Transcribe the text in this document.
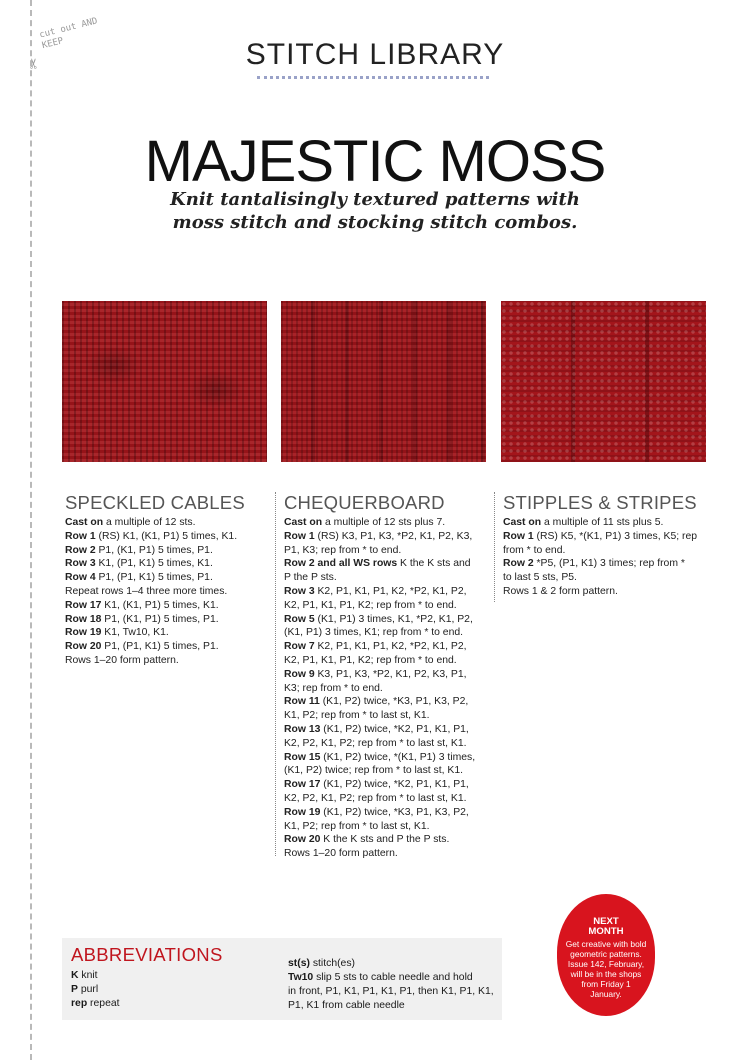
cut out AND KEEP
✂	STITCH LIBRARY
MAJESTIC MOSS
Knit tantalisingly textured patterns with
moss stitch and stocking stitch combos.
SPECKLED CABLES
Cast on a multiple of 12 sts.
Row 1 (RS) K1, (K1, P1) 5 times, K1.
Row 2 P1, (K1, P1) 5 times, P1.
Row 3 K1, (P1, K1) 5 times, K1.
Row 4 P1, (P1, K1) 5 times, P1.
Repeat rows 1–4 three more times.
Row 17 K1, (K1, P1) 5 times, K1.
Row 18 P1, (K1, P1) 5 times, P1.
Row 19 K1, Tw10, K1.
Row 20 P1, (P1, K1) 5 times, P1.
Rows 1–20 form pattern.
CHEQUERBOARD
Cast on a multiple of 12 sts plus 7.
Row 1 (RS) K3, P1, K3, *P2, K1, P2, K3,
P1, K3; rep from * to end.
Row 2 and all WS rows K the K sts and
P the P sts.
Row 3 K2, P1, K1, P1, K2, *P2, K1, P2,
K2, P1, K1, P1, K2; rep from * to end.
Row 5 (K1, P1) 3 times, K1, *P2, K1, P2,
(K1, P1) 3 times, K1; rep from * to end.
Row 7 K2, P1, K1, P1, K2, *P2, K1, P2,
K2, P1, K1, P1, K2; rep from * to end.
Row 9 K3, P1, K3, *P2, K1, P2, K3, P1,
K3; rep from * to end.
Row 11 (K1, P2) twice, *K3, P1, K3, P2,
K1, P2; rep from * to last st, K1.
Row 13 (K1, P2) twice, *K2, P1, K1, P1,
K2, P2, K1, P2; rep from * to last st, K1.
Row 15 (K1, P2) twice, *(K1, P1) 3 times,
(K1, P2) twice; rep from * to last st, K1.
Row 17 (K1, P2) twice, *K2, P1, K1, P1,
K2, P2, K1, P2; rep from * to last st, K1.
Row 19 (K1, P2) twice, *K3, P1, K3, P2,
K1, P2; rep from * to last st, K1.
Row 20 K the K sts and P the P sts.
Rows 1–20 form pattern.
STIPPLES & STRIPES
Cast on a multiple of 11 sts plus 5.
Row 1 (RS) K5, *(K1, P1) 3 times, K5; rep
from * to end.
Row 2 *P5, (P1, K1) 3 times; rep from *
to last 5 sts, P5.
Rows 1 & 2 form pattern.
ABBREVIATIONS
K knit
P purl
rep repeat
st(s) stitch(es)
Tw10 slip 5 sts to cable needle and hold
in front, P1, K1, P1, K1, P1, then K1, P1, K1,
P1, K1 from cable needle
NEXT
MONTH
Get creative with bold geometric patterns. Issue 142, February, will be in the shops from Friday 1 January.
